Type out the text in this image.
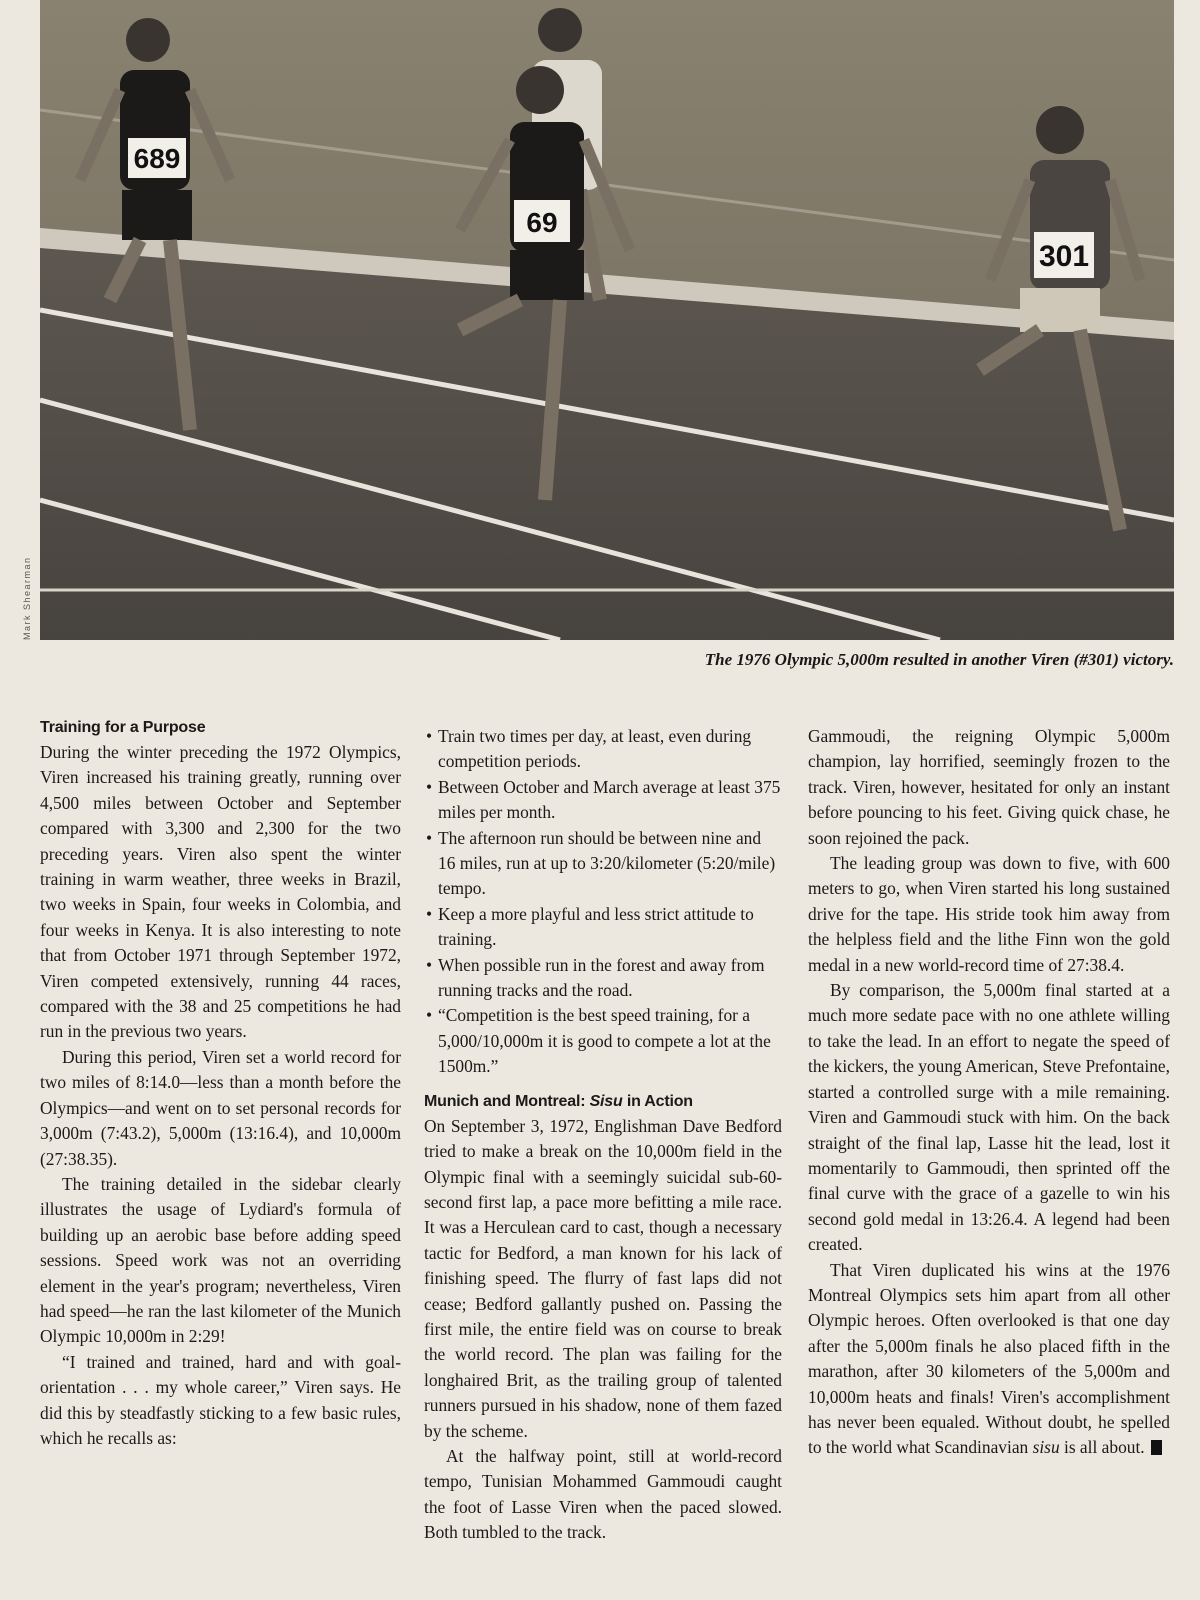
689
69
301
Mark Shearman
The 1976 Olympic 5,000m resulted in another Viren (#301) victory.
Training for a Purpose

During the winter preceding the 1972 Olympics, Viren increased his training greatly, running over 4,500 miles between October and September compared with 3,300 and 2,300 for the two preceding years. Viren also spent the winter training in warm weather, three weeks in Brazil, two weeks in Spain, four weeks in Colombia, and four weeks in Kenya. It is also interesting to note that from October 1971 through September 1972, Viren competed extensively, running 44 races, compared with the 38 and 25 competitions he had run in the previous two years.

During this period, Viren set a world record for two miles of 8:14.0—less than a month before the Olympics—and went on to set personal records for 3,000m (7:43.2), 5,000m (13:16.4), and 10,000m (27:38.35).

The training detailed in the sidebar clearly illustrates the usage of Lydiard's formula of building up an aerobic base before adding speed sessions. Speed work was not an overriding element in the year's program; nevertheless, Viren had speed—he ran the last kilometer of the Munich Olympic 10,000m in 2:29!

“I trained and trained, hard and with goal-orientation . . . my whole career,” Viren says. He did this by steadfastly sticking to a few basic rules, which he recalls as:

• Train two times per day, at least, even during competition periods.
• Between October and March average at least 375 miles per month.
• The afternoon run should be between nine and 16 miles, run at up to 3:20/kilometer (5:20/mile) tempo.
• Keep a more playful and less strict attitude to training.
• When possible run in the forest and away from running tracks and the road.
• “Competition is the best speed training, for a 5,000/10,000m it is good to compete a lot at the 1500m.”
Munich and Montreal: Sisu in Action

On September 3, 1972, Englishman Dave Bedford tried to make a break on the 10,000m field in the Olympic final with a seemingly suicidal sub-60-second first lap, a pace more befitting a mile race. It was a Herculean card to cast, though a necessary tactic for Bedford, a man known for his lack of finishing speed. The flurry of fast laps did not cease; Bedford gallantly pushed on. Passing the first mile, the entire field was on course to break the world record. The plan was failing for the longhaired Brit, as the trailing group of talented runners pursued in his shadow, none of them fazed by the scheme.

At the halfway point, still at world-record tempo, Tunisian Mohammed Gammoudi caught the foot of Lasse Viren when the paced slowed. Both tumbled to the track.

Gammoudi, the reigning Olympic 5,000m champion, lay horrified, seemingly frozen to the track. Viren, however, hesitated for only an instant before pouncing to his feet. Giving quick chase, he soon rejoined the pack.

The leading group was down to five, with 600 meters to go, when Viren started his long sustained drive for the tape. His stride took him away from the helpless field and the lithe Finn won the gold medal in a new world-record time of 27:38.4.

By comparison, the 5,000m final started at a much more sedate pace with no one athlete willing to take the lead. In an effort to negate the speed of the kickers, the young American, Steve Prefontaine, started a controlled surge with a mile remaining. Viren and Gammoudi stuck with him. On the back straight of the final lap, Lasse hit the lead, lost it momentarily to Gammoudi, then sprinted off the final curve with the grace of a gazelle to win his second gold medal in 13:26.4. A legend had been created.

That Viren duplicated his wins at the 1976 Montreal Olympics sets him apart from all other Olympic heroes. Often overlooked is that one day after the 5,000m finals he also placed fifth in the marathon, after 30 kilometers of the 5,000m and 10,000m heats and finals! Viren's accomplishment has never been equaled. Without doubt, he spelled to the world what Scandinavian sisu is all about.
